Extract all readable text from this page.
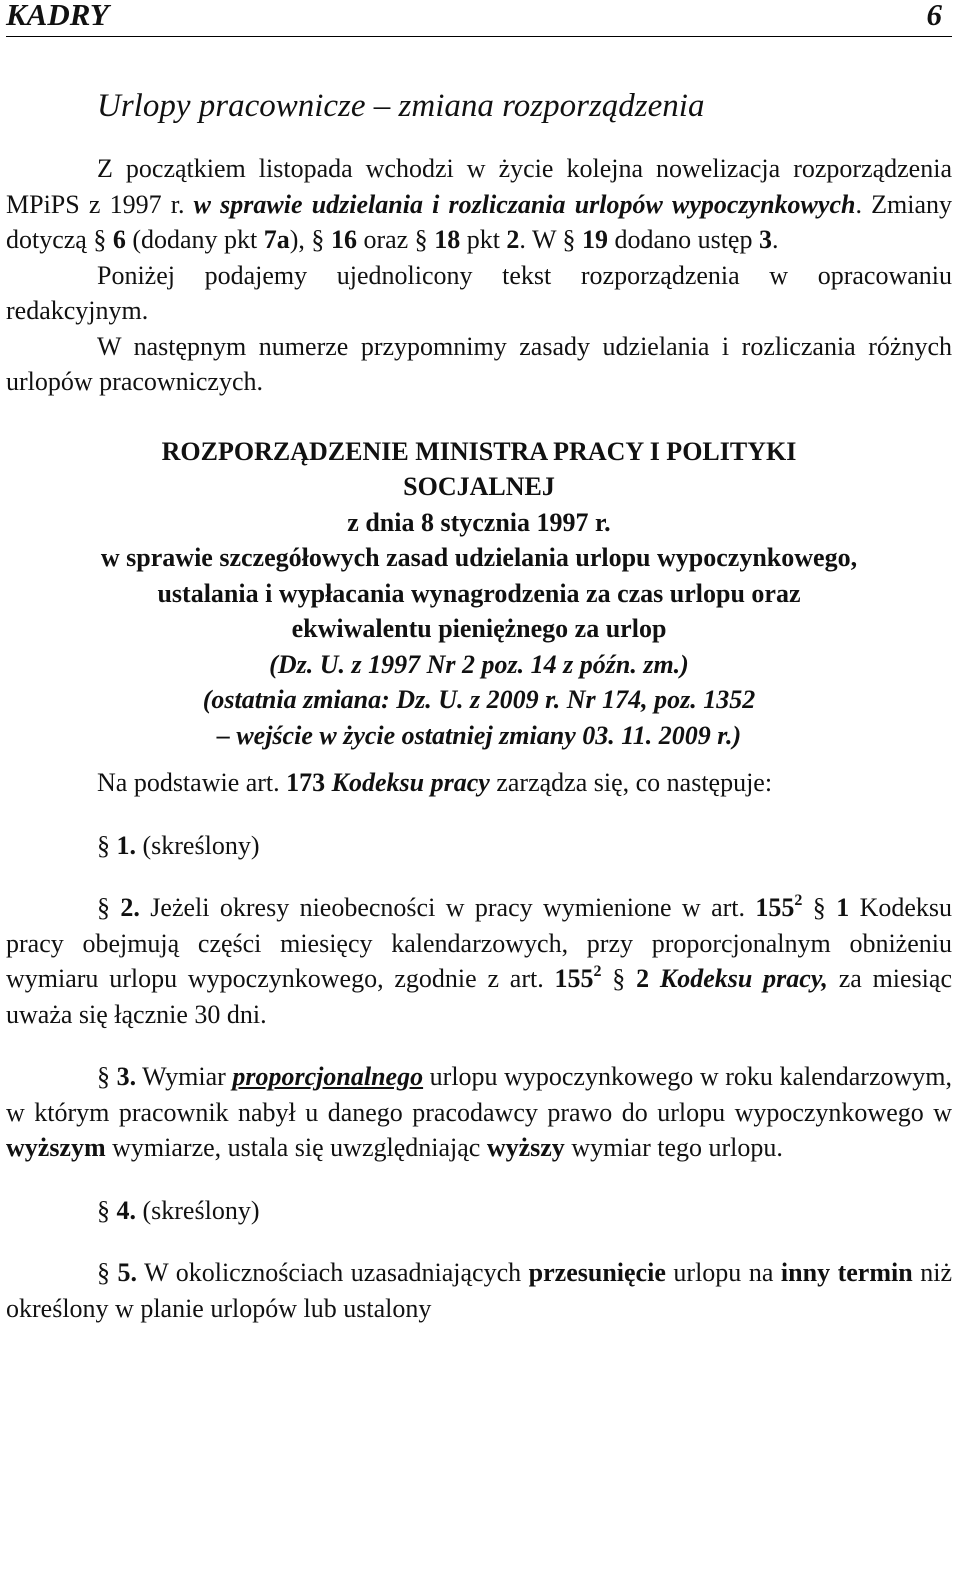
KADRY	6
Urlopy pracownicze – zmiana rozporządzenia

Z początkiem listopada wchodzi w życie kolejna nowelizacja rozporządzenia MPiPS z 1997 r. w sprawie udzielania i rozliczania urlopów wypoczynkowych. Zmiany dotyczą § 6 (dodany pkt 7a), § 16 oraz § 18 pkt 2. W § 19 dodano ustęp 3.

Poniżej podajemy ujednolicony tekst rozporządzenia w opracowaniu redakcyjnym.

W następnym numerze przypomnimy zasady udzielania i rozliczania różnych urlopów pracowniczych.

ROZPORZĄDZENIE MINISTRA PRACY I POLITYKI

SOCJALNEJ

z dnia 8 stycznia 1997 r.

w sprawie szczegółowych zasad udzielania urlopu wypoczynkowego,

ustalania i wypłacania wynagrodzenia za czas urlopu oraz

ekwiwalentu pieniężnego za urlop

(Dz. U. z 1997 Nr 2 poz. 14 z późn. zm.)

(ostatnia zmiana: Dz. U. z 2009 r. Nr 174, poz. 1352

– wejście w życie ostatniej zmiany 03. 11. 2009 r.)

Na podstawie art. 173 Kodeksu pracy zarządza się, co następuje:

§ 1. (skreślony)

§ 2. Jeżeli okresy nieobecności w pracy wymienione w art. $155^2$ § 1 Kodeksu pracy obejmują części miesięcy kalendarzowych, przy proporcjonalnym obniżeniu wymiaru urlopu wypoczynkowego, zgodnie z art. $155^2$ § 2 Kodeksu pracy, za miesiąc uważa się łącznie 30 dni.

§ 3. Wymiar proporcjonalnego urlopu wypoczynkowego w roku kalendarzowym, w którym pracownik nabył u danego pracodawcy prawo do urlopu wypoczynkowego w wyższym wymiarze, ustala się uwzględniając wyższy wymiar tego urlopu.

§ 4. (skreślony)

§ 5. W okolicznościach uzasadniających przesunięcie urlopu na inny termin niż określony w planie urlopów lub ustalony
